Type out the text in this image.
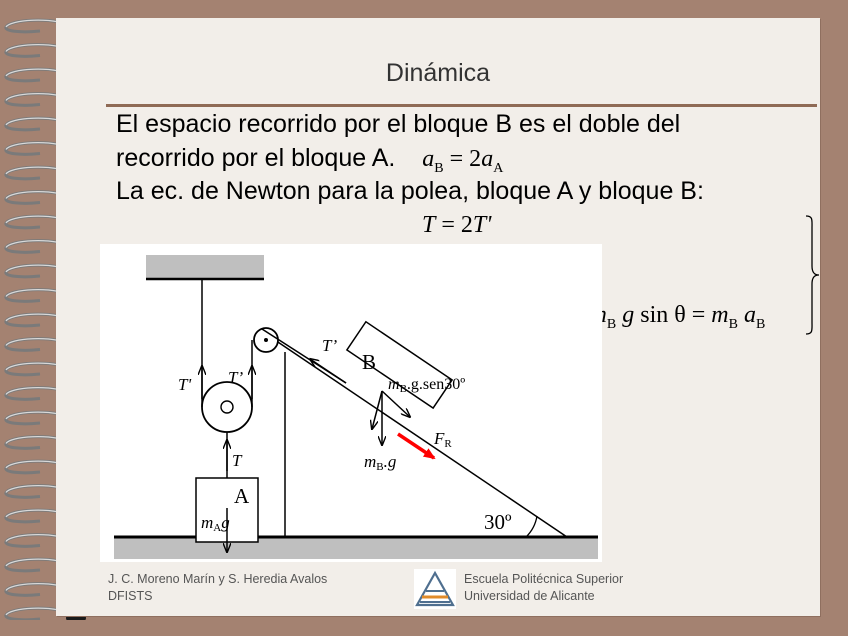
Dinámica
El espacio recorrido por el bloque B es el doble del
recorrido por el bloque A. $a_B = 2a_A$
La ec. de Newton para la polea, bloque A y bloque B:
T = 2T'
$m_A$ $g - T = m_A$ $a_A$
$T'-\mu m_B$ g cos θ – $m_B$ g $\sin \theta = m_B$ $a_B$
T' T’
T’
T
mAg
mB.g.sen30º
mB.g
FR
A
B
30º
J. C. Moreno Marín y S. Heredia Avalos
DFISTS
Escuela Politécnica Superior
Universidad de Alicante
